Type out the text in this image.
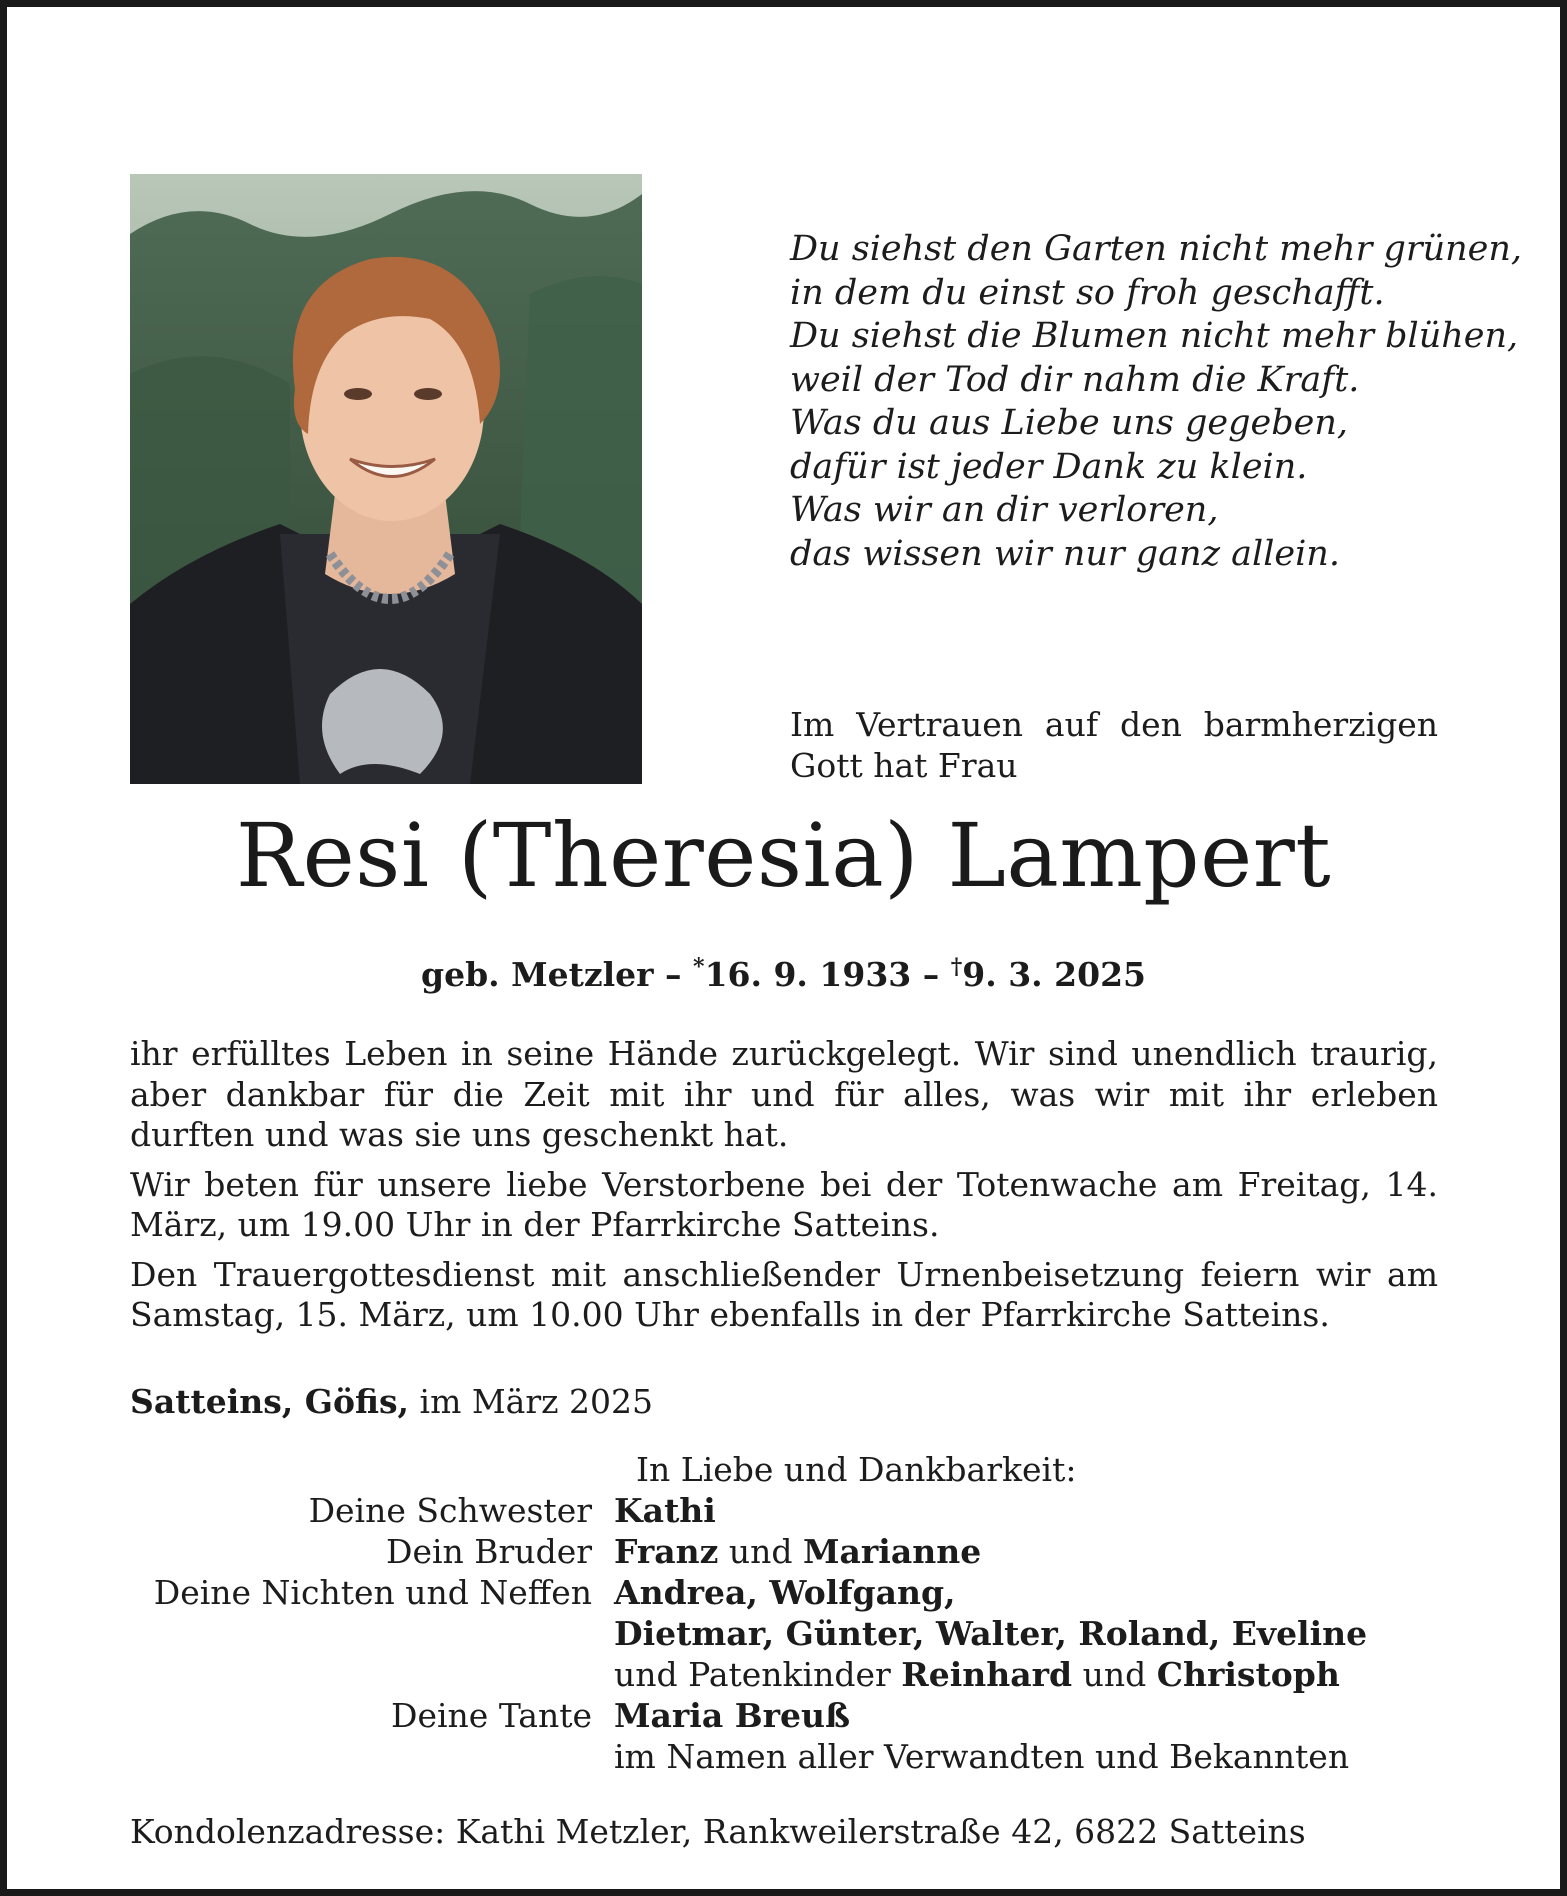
Du siehst den Garten nicht mehr grünen,
in dem du einst so froh geschafft.
Du siehst die Blumen nicht mehr blühen,
weil der Tod dir nahm die Kraft.
Was du aus Liebe uns gegeben,
dafür ist jeder Dank zu klein.
Was wir an dir verloren,
das wissen wir nur ganz allein.
Im Vertrauen auf den barmherzigen Gott hat Frau
Resi (Theresia) Lampert
geb. Metzler – *16. 9. 1933 – †9. 3. 2025

ihr erfülltes Leben in seine Hände zurückgelegt. Wir sind unendlich traurig, aber dankbar für die Zeit mit ihr und für alles, was wir mit ihr erleben durften und was sie uns geschenkt hat.

Wir beten für unsere liebe Verstorbene bei der Totenwache am Freitag, 14. März, um 19.00 Uhr in der Pfarrkirche Satteins.

Den Trauergottesdienst mit anschließender Urnenbeisetzung feiern wir am Samstag, 15. März, um 10.00 Uhr ebenfalls in der Pfarrkirche Satteins.

Satteins, Göfis, im März 2025
In Liebe und Dankbarkeit:
Deine Schwester Kathi
Dein Bruder Franz und Marianne
Deine Nichten und Neffen Andrea, Wolfgang,
Dietmar, Günter, Walter, Roland, Eveline
und Patenkinder Reinhard und Christoph
Deine Tante Maria Breuß
im Namen aller Verwandten und Bekannten
Kondolenzadresse: Kathi Metzler, Rankweilerstraße 42, 6822 Satteins
